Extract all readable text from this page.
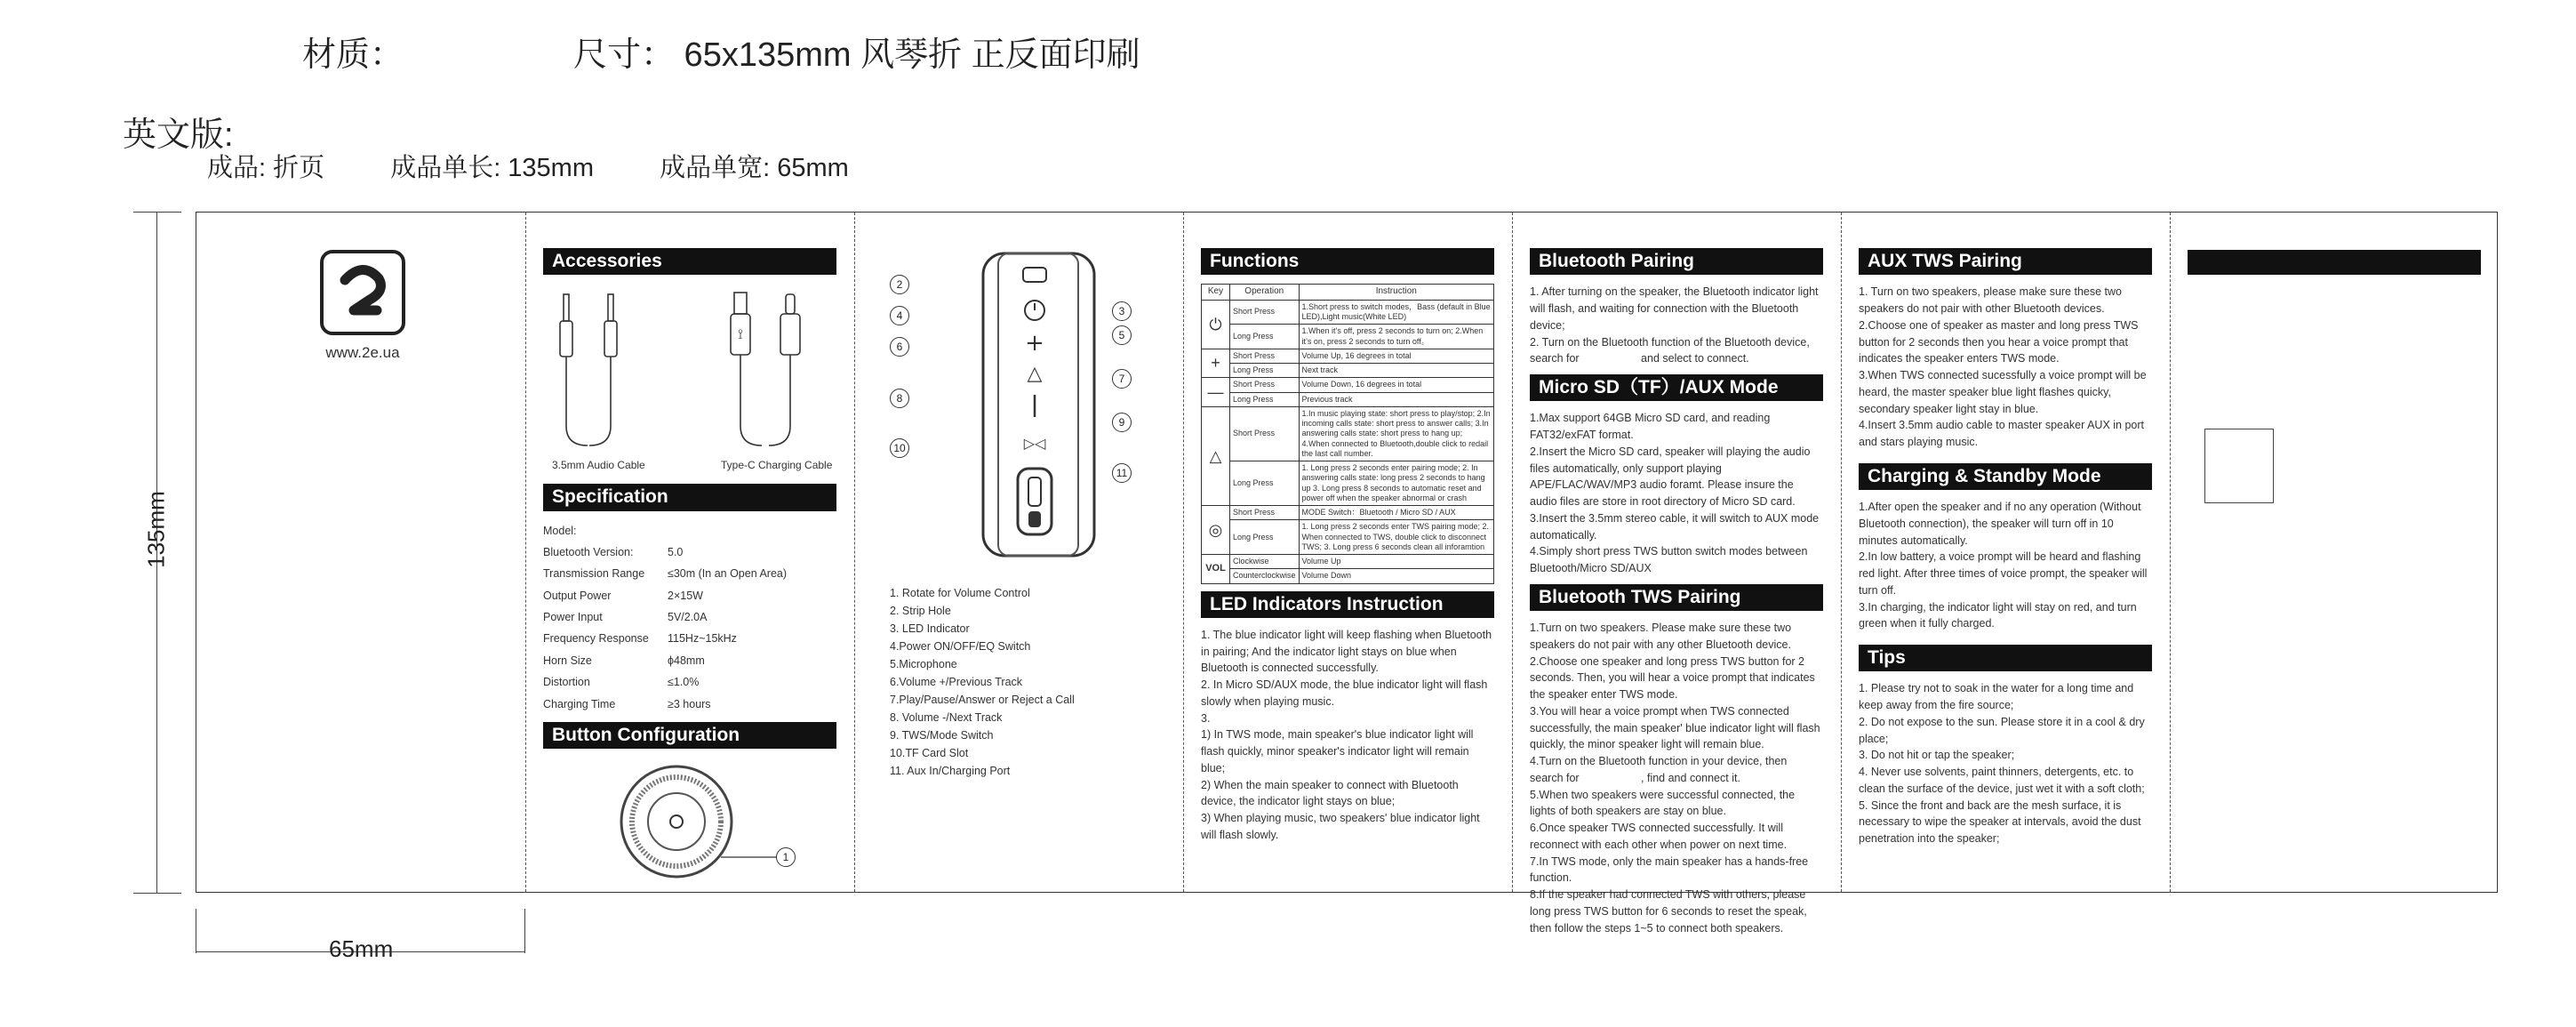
材质：	尺寸： 65x135mm 风琴折 正反面印刷
英文版:
成品: 折页	成品单长: 135mm	成品单宽: 65mm
135mm
65mm
www.2e.ua
Accessories
⟟
3.5mm Audio Cable	Type-C Charging Cable
Specification
Model:
Bluetooth Version:	5.0
Transmission Range	≤30m (In an Open Area)
Output Power	2×15W
Power Input	5V/2.0A
Frequency Response	115Hz~15kHz
Horn Size	ϕ48mm
Distortion	≤1.0%
Charging Time	≥3 hours
Button Configuration
1
+
△
▷◁
2
3
4
5
6
7
8
9
10
11
1. Rotate for Volume Control
2. Strip Hole
3. LED Indicator
4.Power ON/OFF/EQ Switch
5.Microphone
6.Volume +/Previous Track
7.Play/Pause/Answer or Reject a Call
8. Volume -/Next Track
9. TWS/Mode Switch
10.TF Card Slot
11. Aux In/Charging Port
Functions
Key	Operation	Instruction
⏻	Short Press	1.Short press to switch modes，Bass (default in Blue LED),Light music(White LED)
	Long Press	1.When it’s off, press 2 seconds to turn on; 2.When it’s on, press 2 seconds to turn off。
+	Short Press	Volume Up, 16 degrees in total
	Long Press	Next track
—	Short Press	Volume Down, 16 degrees in total
	Long Press	Previous track
△	Short Press	1.In music playing state: short press to play/stop; 2.In incoming calls state: short press to answer calls; 3.In answering calls state: short press to hang up; 4.When connected to Bluetooth,double click to redail the last call number.
	Long Press	1. Long press 2 seconds enter pairing mode; 2. In answering calls state: long press 2 seconds to hang up 3. Long press 8 seconds to automatic reset and power off when the speaker abnormal or crash
◎	Short Press	MODE Switch：Bluetooth / Micro SD / AUX
	Long Press	1. Long press 2 seconds enter TWS pairing mode; 2. When connected to TWS, double click to disconnect TWS; 3. Long press 6 seconds clean all inforamtion
VOL	Clockwise	Volume Up
	Counterclockwise	Volume Down
LED Indicators Instruction
1. The blue indicator light will keep flashing when Bluetooth in pairing; And the indicator light stays on blue when Bluetooth is connected successfully.
2. In Micro SD/AUX mode, the blue indicator light will flash slowly when playing music.
3.
1) In TWS mode, main speaker's blue indicator light will flash quickly, minor speaker's indicator light will remain blue;
2) When the main speaker to connect with Bluetooth device, the indicator light stays on blue;
3) When playing music, two speakers' blue indicator light will flash slowly.
Bluetooth Pairing
1. After turning on the speaker, the Bluetooth indicator light will flash, and waiting for connection with the Bluetooth device;
2. Turn on the Bluetooth function of the Bluetooth device, search for                    and select to connect.
Micro SD（TF）/AUX Mode
1.Max support 64GB Micro SD card, and reading FAT32/exFAT format.
2.Insert the Micro SD card, speaker will playing the audio files automatically, only support playing APE/FLAC/WAV/MP3 audio foramt. Please insure the audio files are store in root directory of Micro SD card.
3.Insert the 3.5mm stereo cable, it will switch to AUX mode automatically.
4.Simply short press TWS button switch modes between Bluetooth/Micro SD/AUX
Bluetooth TWS Pairing
1.Turn on two speakers. Please make sure these two speakers do not pair with any other Bluetooth device.
2.Choose one speaker and long press TWS button for 2 seconds. Then, you will hear a voice prompt that indicates the speaker enter TWS mode.
3.You will hear a voice prompt when TWS connected successfully, the main speaker' blue indicator light will flash quickly, the minor speaker light will remain blue.
4.Turn on the Bluetooth function in your device, then search for                    , find and connect it.
5.When two speakers were successful connected, the lights of both speakers are stay on blue.
6.Once speaker TWS connected successfully. It will reconnect with each other when power on next time.
7.In TWS mode, only the main speaker has a hands-free function.
8.If the speaker had connected TWS with others, please long press TWS button for 6 seconds to reset the speak, then follow the steps 1~5 to connect both speakers.
AUX TWS Pairing
1. Turn on two speakers, please make sure these two speakers do not pair with other Bluetooth devices.
2.Choose one of speaker as master and long press TWS button for 2 seconds then you hear a voice prompt that indicates the speaker enters TWS mode.
3.When TWS connected sucessfully a voice prompt will be heard, the master speaker blue light flashes quicky, secondary speaker light stay in blue.
4.Insert 3.5mm audio cable to master speaker AUX in port and stars playing music.
Charging & Standby Mode
1.After open the speaker and if no any operation (Without Bluetooth connection), the speaker will turn off in 10 minutes automatically.
2.In low battery, a voice prompt will be heard and flashing red light. After three times of voice prompt, the speaker will turn off.
3.In charging, the indicator light will stay on red, and turn green when it fully charged.
Tips
1. Please try not to soak in the water for a long time and keep away from the fire source;
2. Do not expose to the sun. Please store it in a cool & dry place;
3. Do not hit or tap the speaker;
4. Never use solvents, paint thinners, detergents, etc. to clean the surface of the device, just wet it with a soft cloth;
5. Since the front and back are the mesh surface, it is necessary to wipe the speaker at intervals, avoid the dust penetration into the speaker;
